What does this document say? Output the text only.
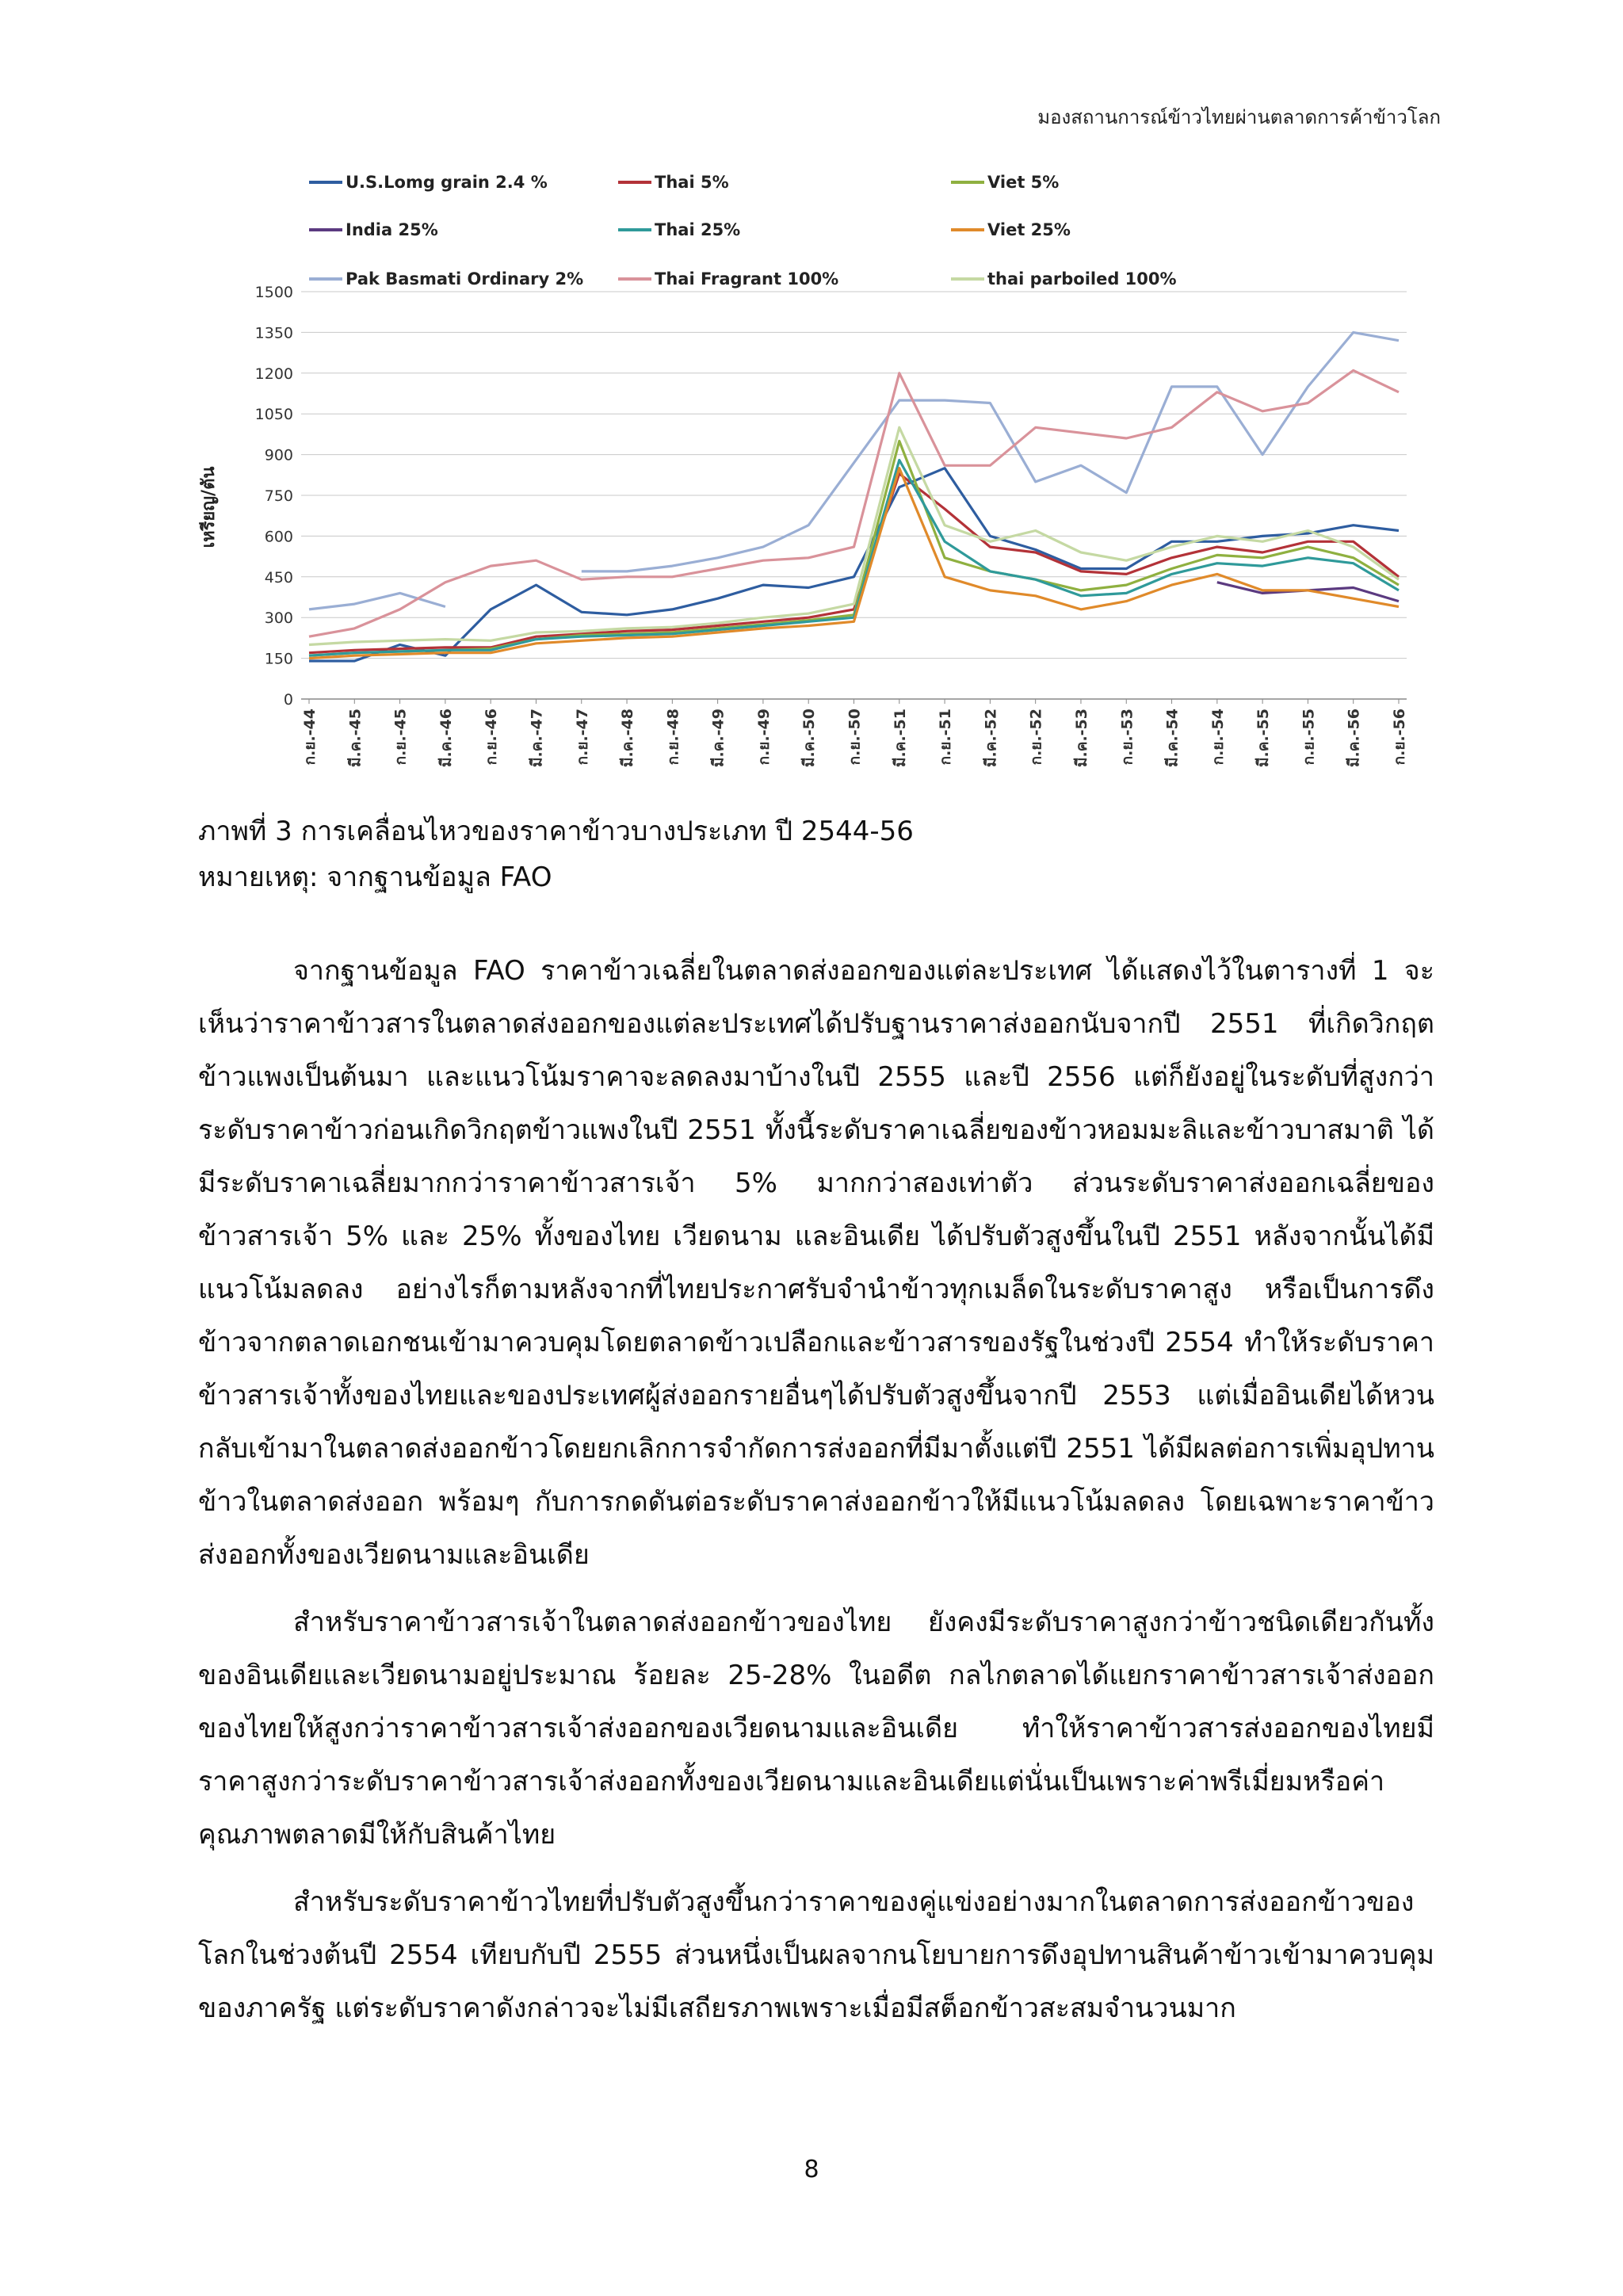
มองสถานการณ์ข้าวไทยผ่านตลาดการค้าข้าวโลก
U.S.Lomg grain 2.4 %	Thai 5%	Viet 5%
India 25%	Thai 25%	Viet 25%
Pak Basmati Ordinary 2%	Thai Fragrant 100%	thai parboiled 100%
0
150
300
450
600
750
900
1050
1200
1350
1500
เหรียญ/ตัน
ก.ย.-44 มี.ค.-45 ก.ย.-45 มี.ค.-46 ก.ย.-46 มี.ค.-47 ก.ย.-47 มี.ค.-48 ก.ย.-48 มี.ค.-49 ก.ย.-49 มี.ค.-50 ก.ย.-50 มี.ค.-51 ก.ย.-51 มี.ค.-52 ก.ย.-52 มี.ค.-53 ก.ย.-53 มี.ค.-54 ก.ย.-54 มี.ค.-55 ก.ย.-55 มี.ค.-56 ก.ย.-56
ภาพที่ 3 การเคลื่อนไหวของราคาข้าวบางประเภท ปี 2544-56
หมายเหตุ: จากฐานข้อมูล FAO

จากฐานข้อมูล FAO ราคาข้าวเฉลี่ยในตลาดส่งออกของแต่ละประเทศ ได้แสดงไว้ในตารางที่ 1 จะเห็นว่าราคาข้าวสารในตลาดส่งออกของแต่ละประเทศได้ปรับฐานราคาส่งออกนับจากปี 2551 ที่เกิดวิกฤตข้าวแพงเป็นต้นมา และแนวโน้มราคาจะลดลงมาบ้างในปี 2555 และปี 2556 แต่ก็ยังอยู่ในระดับที่สูงกว่าระดับราคาข้าวก่อนเกิดวิกฤตข้าวแพงในปี 2551 ทั้งนี้ระดับราคาเฉลี่ยของข้าวหอมมะลิและข้าวบาสมาติ ได้มีระดับราคาเฉลี่ยมากกว่าราคาข้าวสารเจ้า 5% มากกว่าสองเท่าตัว ส่วนระดับราคาส่งออกเฉลี่ยของข้าวสารเจ้า 5% และ 25% ทั้งของไทย เวียดนาม และอินเดีย ได้ปรับตัวสูงขึ้นในปี 2551 หลังจากนั้นได้มีแนวโน้มลดลง อย่างไรก็ตามหลังจากที่ไทยประกาศรับจำนำข้าวทุกเมล็ดในระดับราคาสูง หรือเป็นการดึงข้าวจากตลาดเอกชนเข้ามาควบคุมโดยตลาดข้าวเปลือกและข้าวสารของรัฐในช่วงปี 2554 ทำให้ระดับราคาข้าวสารเจ้าทั้งของไทยและของประเทศผู้ส่งออกรายอื่นๆได้ปรับตัวสูงขึ้นจากปี 2553 แต่เมื่ออินเดียได้หวนกลับเข้ามาในตลาดส่งออกข้าวโดยยกเลิกการจำกัดการส่งออกที่มีมาตั้งแต่ปี 2551 ได้มีผลต่อการเพิ่มอุปทานข้าวในตลาดส่งออก พร้อมๆ กับการกดดันต่อระดับราคาส่งออกข้าวให้มีแนวโน้มลดลง โดยเฉพาะราคาข้าวส่งออกทั้งของเวียดนามและอินเดีย

สำหรับราคาข้าวสารเจ้าในตลาดส่งออกข้าวของไทย ยังคงมีระดับราคาสูงกว่าข้าวชนิดเดียวกันทั้งของอินเดียและเวียดนามอยู่ประมาณ ร้อยละ 25-28% ในอดีต กลไกตลาดได้แยกราคาข้าวสารเจ้าส่งออกของไทยให้สูงกว่าราคาข้าวสารเจ้าส่งออกของเวียดนามและอินเดีย ทำให้ราคาข้าวสารส่งออกของไทยมีราคาสูงกว่าระดับราคาข้าวสารเจ้าส่งออกทั้งของเวียดนามและอินเดียแต่นั่นเป็นเพราะค่าพรีเมี่ยมหรือค่าคุณภาพตลาดมีให้กับสินค้าไทย

สำหรับระดับราคาข้าวไทยที่ปรับตัวสูงขึ้นกว่าราคาของคู่แข่งอย่างมากในตลาดการส่งออกข้าวของโลกในช่วงต้นปี 2554 เทียบกับปี 2555 ส่วนหนึ่งเป็นผลจากนโยบายการดึงอุปทานสินค้าข้าวเข้ามาควบคุมของภาครัฐ แต่ระดับราคาดังกล่าวจะไม่มีเสถียรภาพเพราะเมื่อมีสต็อกข้าวสะสมจำนวนมาก

8
